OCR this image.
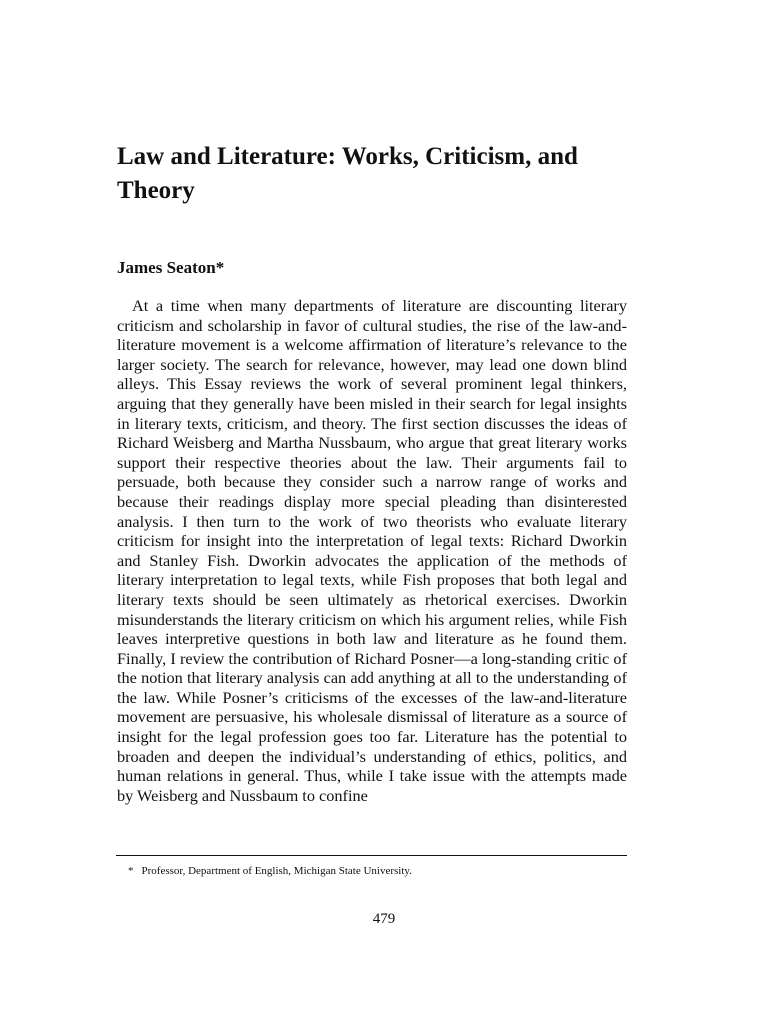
Law and Literature: Works, Criticism, and Theory

James Seaton*

At a time when many departments of literature are discounting literary criticism and scholarship in favor of cultural studies, the rise of the law-and-literature movement is a welcome affirmation of literature’s relevance to the larger society. The search for relevance, however, may lead one down blind alleys. This Essay reviews the work of several prominent legal thinkers, arguing that they generally have been misled in their search for legal insights in literary texts, criticism, and theory. The first section discusses the ideas of Richard Weisberg and Martha Nussbaum, who argue that great literary works support their respective theories about the law. Their arguments fail to persuade, both because they consider such a narrow range of works and because their readings display more special pleading than disinterested analysis. I then turn to the work of two theorists who evaluate literary criticism for insight into the interpretation of legal texts: Richard Dworkin and Stanley Fish. Dworkin advocates the application of the methods of literary interpretation to legal texts, while Fish proposes that both legal and literary texts should be seen ultimately as rhetorical exercises. Dworkin misunderstands the literary criticism on which his argument relies, while Fish leaves interpretive questions in both law and literature as he found them. Finally, I review the contribution of Richard Posner—a long-standing critic of the notion that literary analysis can add anything at all to the understanding of the law. While Posner’s criticisms of the excesses of the law-and-literature movement are persuasive, his wholesale dismissal of literature as a source of insight for the legal profession goes too far. Literature has the potential to broaden and deepen the individual’s understanding of ethics, politics, and human relations in general. Thus, while I take issue with the attempts made by Weisberg and Nussbaum to confine

* Professor, Department of English, Michigan State University.

479
